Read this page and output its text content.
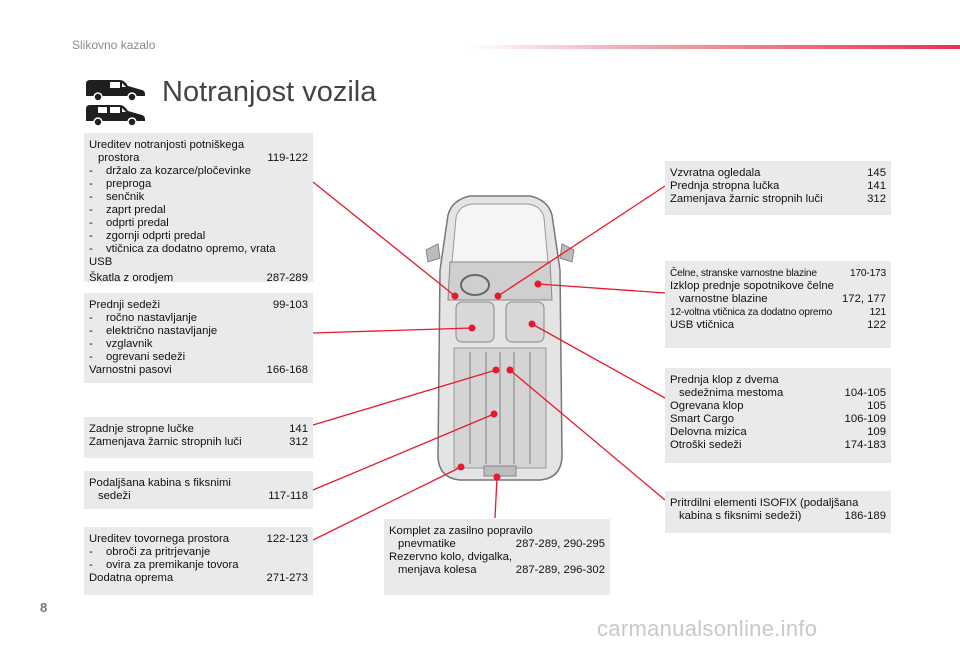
Slikovno kazalo
Notranjost vozila
Ureditev notranjosti potniškega
prostora	119-122
- držalo za kozarce/pločevinke
- preproga
- senčnik
- zaprt predal
- odprti predal
- zgornji odprti predal
- vtičnica za dodatno opremo, vrata
USB
Škatla z orodjem	287-289
Prednji sedeži	99-103
- ročno nastavljanje
- električno nastavljanje
- vzglavnik
- ogrevani sedeži
Varnostni pasovi	166-168
Zadnje stropne lučke	141
Zamenjava žarnic stropnih luči	312
Podaljšana kabina s fiksnimi
sedeži	117-118
Ureditev tovornega prostora	122-123
- obroči za pritrjevanje
- ovira za premikanje tovora
Dodatna oprema	271-273
Vzvratna ogledala	145
Prednja stropna lučka	141
Zamenjava žarnic stropnih luči	312
Čelne, stranske varnostne blazine	170-173
Izklop prednje sopotnikove čelne
varnostne blazine	172, 177
12-voltna vtičnica za dodatno opremo	121
USB vtičnica	122
Prednja klop z dvema
sedežnima mestoma	104-105
Ogrevana klop	105
Smart Cargo	106-109
Delovna mizica	109
Otroški sedeži	174-183
Pritrdilni elementi ISOFIX (podaljšana
kabina s fiksnimi sedeži)	186-189
Komplet za zasilno popravilo
pnevmatike	287-289, 290-295
Rezervno kolo, dvigalka,
menjava kolesa	287-289, 296-302
8
carmanualsonline.info
